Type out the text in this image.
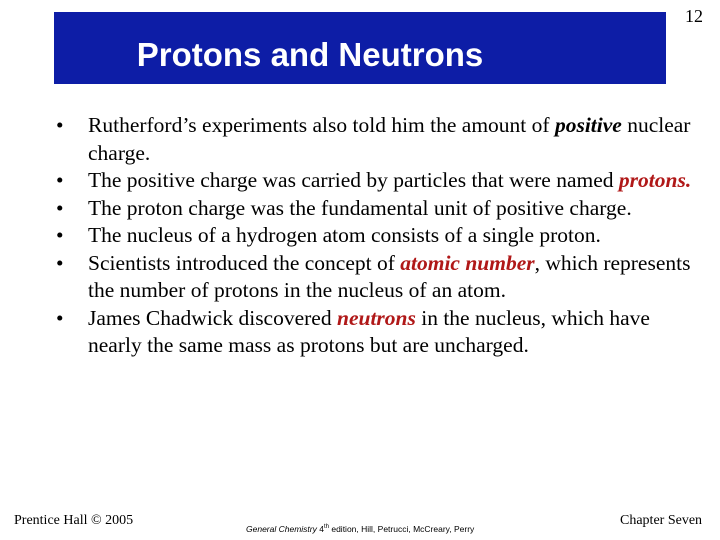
Protons and Neutrons
12
•	Rutherford’s experiments also told him the amount of positive nuclear charge.
•	The positive charge was carried by particles that were named protons.
•	The proton charge was the fundamental unit of positive charge.
•	The nucleus of a hydrogen atom consists of a single proton.
•	Scientists introduced the concept of atomic number, which represents the number of protons in the nucleus of an atom.
•	James Chadwick discovered neutrons in the nucleus, which have nearly the same mass as protons but are uncharged.
Prentice Hall © 2005
General Chemistry 4th edition, Hill, Petrucci, McCreary, Perry
Chapter Seven
